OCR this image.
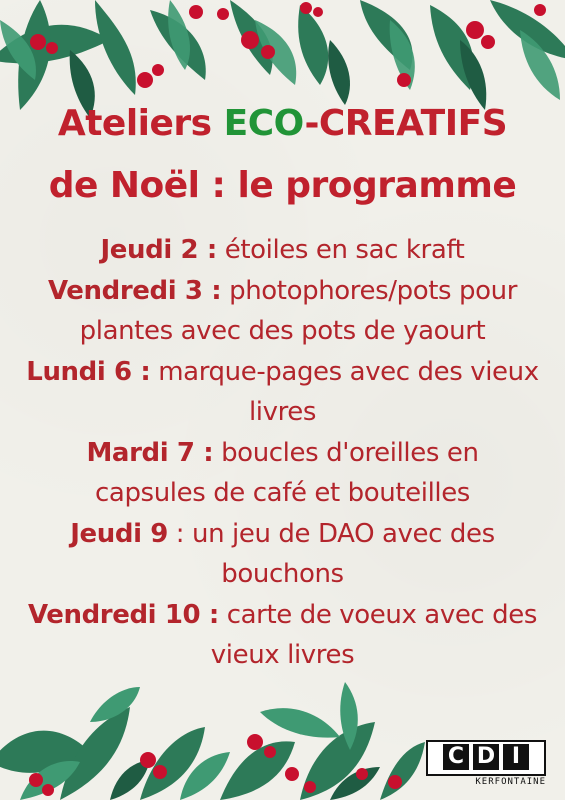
Ateliers ECO-CREATIFS
de Noël : le programme
Jeudi 2 : étoiles en sac kraft
Vendredi 3 : photophores/pots pour plantes avec des pots de yaourt
Lundi 6 : marque-pages avec des vieux livres
Mardi 7 : boucles d'oreilles en capsules de café et bouteilles
Jeudi 9 : un jeu de DAO avec des bouchons
Vendredi 10 : carte de voeux avec des vieux livres
C D I
KERFONTAINE
